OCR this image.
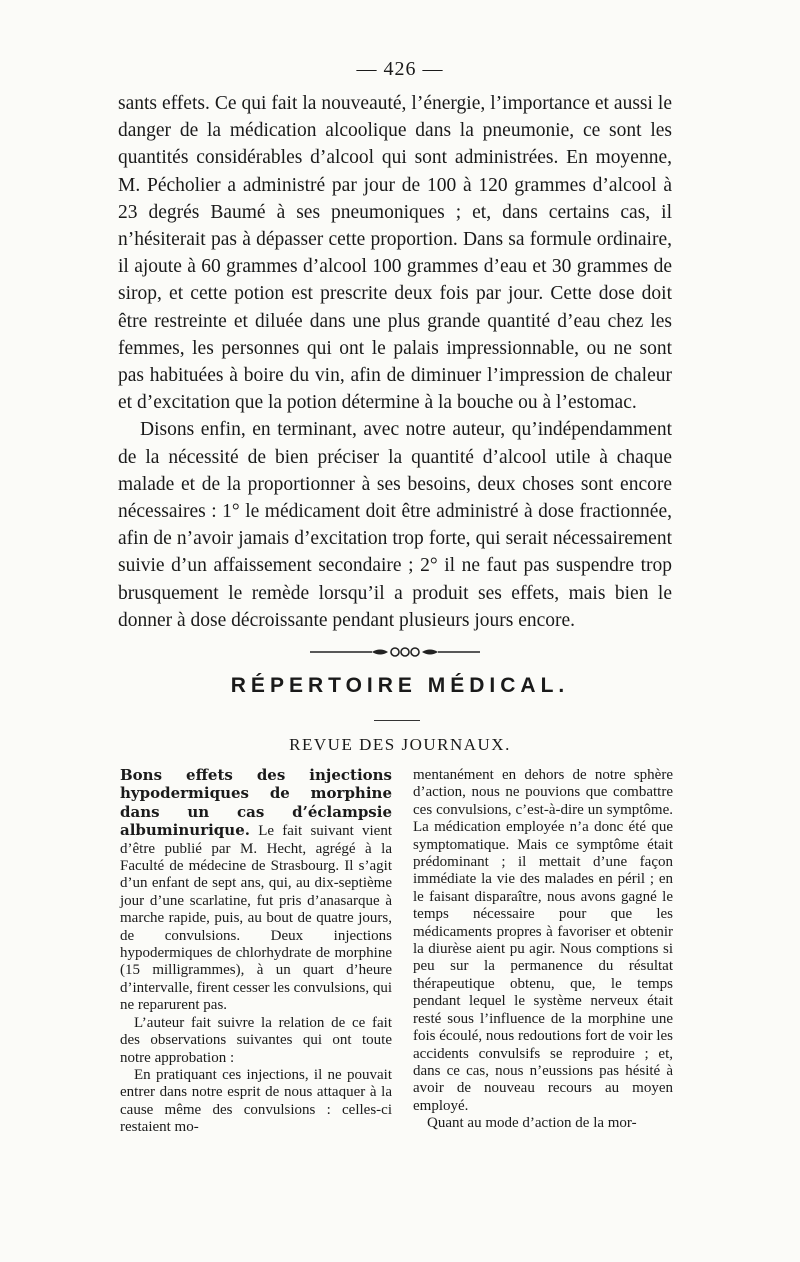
— 426 —

sants effets. Ce qui fait la nouveauté, l’énergie, l’importance et aussi le danger de la médication alcoolique dans la pneumonie, ce sont les quantités considérables d’alcool qui sont administrées. En moyenne, M. Pécholier a administré par jour de 100 à 120 grammes d’alcool à 23 degrés Baumé à ses pneumoniques ; et, dans certains cas, il n’hésiterait pas à dépasser cette proportion. Dans sa formule ordinaire, il ajoute à 60 grammes d’alcool 100 grammes d’eau et 30 grammes de sirop, et cette potion est prescrite deux fois par jour. Cette dose doit être restreinte et diluée dans une plus grande quantité d’eau chez les femmes, les personnes qui ont le palais impressionnable, ou ne sont pas habituées à boire du vin, afin de diminuer l’impression de chaleur et d’excitation que la potion détermine à la bouche ou à l’estomac.

Disons enfin, en terminant, avec notre auteur, qu’indépendamment de la nécessité de bien préciser la quantité d’alcool utile à chaque malade et de la proportionner à ses besoins, deux choses sont encore nécessaires : 1° le médicament doit être administré à dose fractionnée, afin de n’avoir jamais d’excitation trop forte, qui serait nécessairement suivie d’un affaissement secondaire ; 2° il ne faut pas suspendre trop brusquement le remède lorsqu’il a produit ses effets, mais bien le donner à dose décroissante pendant plusieurs jours encore.

RÉPERTOIRE MÉDICAL.
REVUE DES JOURNAUX.

Bons effets des injections hypodermiques de morphine dans un cas d’éclampsie albuminurique. Le fait suivant vient d’être publié par M. Hecht, agrégé à la Faculté de médecine de Strasbourg. Il s’agit d’un enfant de sept ans, qui, au dix-septième jour d’une scarlatine, fut pris d’anasarque à marche rapide, puis, au bout de quatre jours, de convulsions. Deux injections hypodermiques de chlorhydrate de morphine (15 milligrammes), à un quart d’heure d’intervalle, firent cesser les convulsions, qui ne reparurent pas.

L’auteur fait suivre la relation de ce fait des observations suivantes qui ont toute notre approbation :

En pratiquant ces injections, il ne pouvait entrer dans notre esprit de nous attaquer à la cause même des convulsions : celles-ci restaient mo-

mentanément en dehors de notre sphère d’action, nous ne pouvions que combattre ces convulsions, c’est-à-dire un symptôme. La médication employée n’a donc été que symptomatique. Mais ce symptôme était prédominant ; il mettait d’une façon immédiate la vie des malades en péril ; en le faisant disparaître, nous avons gagné le temps nécessaire pour que les médicaments propres à favoriser et obtenir la diurèse aient pu agir. Nous comptions si peu sur la permanence du résultat thérapeutique obtenu, que, le temps pendant lequel le système nerveux était resté sous l’influence de la morphine une fois écoulé, nous redoutions fort de voir les accidents convulsifs se reproduire ; et, dans ce cas, nous n’eussions pas hésité à avoir de nouveau recours au moyen employé.

Quant au mode d’action de la mor-
